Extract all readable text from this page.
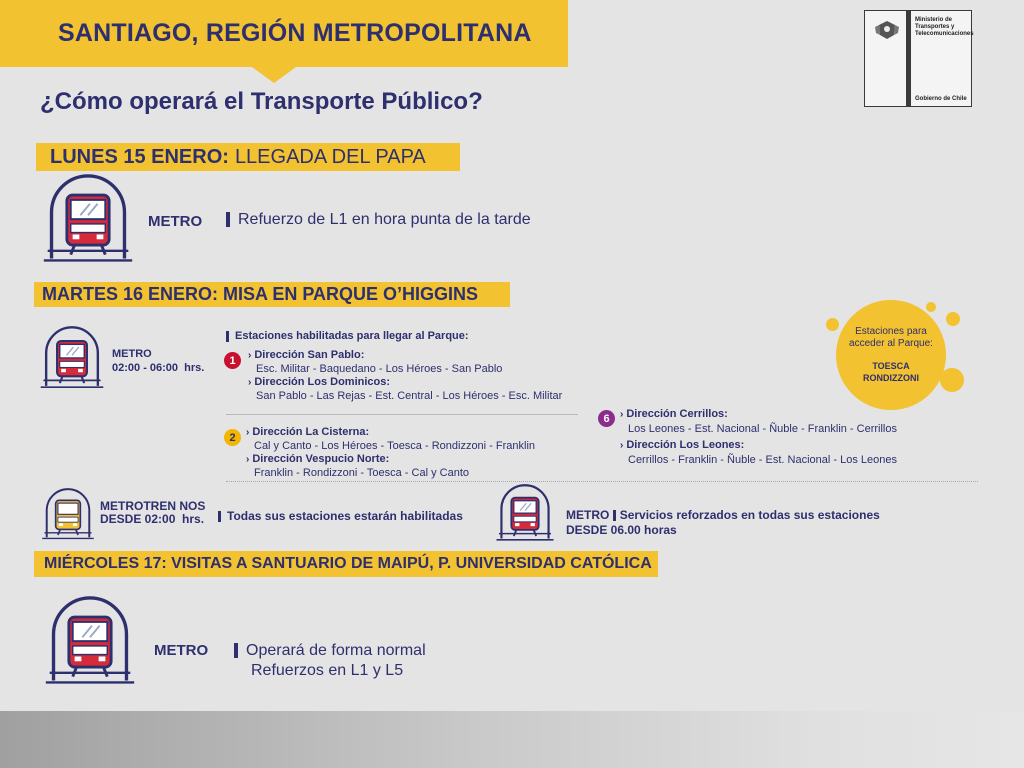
SANTIAGO, REGIÓN METROPOLITANA
¿Cómo operará el Transporte Público?
Ministerio de Transportes y Telecomunicaciones
Gobierno de Chile
LUNES 15 ENERO: LLEGADA DEL PAPA
METRO	Refuerzo de L1 en hora punta de la tarde
MARTES 16 ENERO: MISA EN PARQUE O’HIGGINS
METRO
02:00 - 06:00 hrs.
Estaciones habilitadas para llegar al Parque:
1	› Dirección San Pablo:
Esc. Militar - Baquedano - Los Héroes - San Pablo
› Dirección Los Dominicos:
San Pablo - Las Rejas - Est. Central - Los Héroes - Esc. Militar
2	› Dirección La Cisterna:
Cal y Canto - Los Héroes - Toesca - Rondizzoni - Franklin
› Dirección Vespucio Norte:
Franklin - Rondizzoni - Toesca - Cal y Canto
6	› Dirección Cerrillos:
Los Leones - Est. Nacional - Ñuble - Franklin - Cerrillos
› Dirección Los Leones:
Cerrillos - Franklin - Ñuble - Est. Nacional - Los Leones
Estaciones para
acceder al Parque:
TOESCA
RONDIZZONI
METROTREN NOS
DESDE 02:00 hrs.	Todas sus estaciones estarán habilitadas	METRO Servicios reforzados en todas sus estaciones
DESDE 06.00 horas
MIÉRCOLES 17: VISITAS A SANTUARIO DE MAIPÚ, P. UNIVERSIDAD CATÓLICA
METRO	Operará de forma normal
Refuerzos en L1 y L5
